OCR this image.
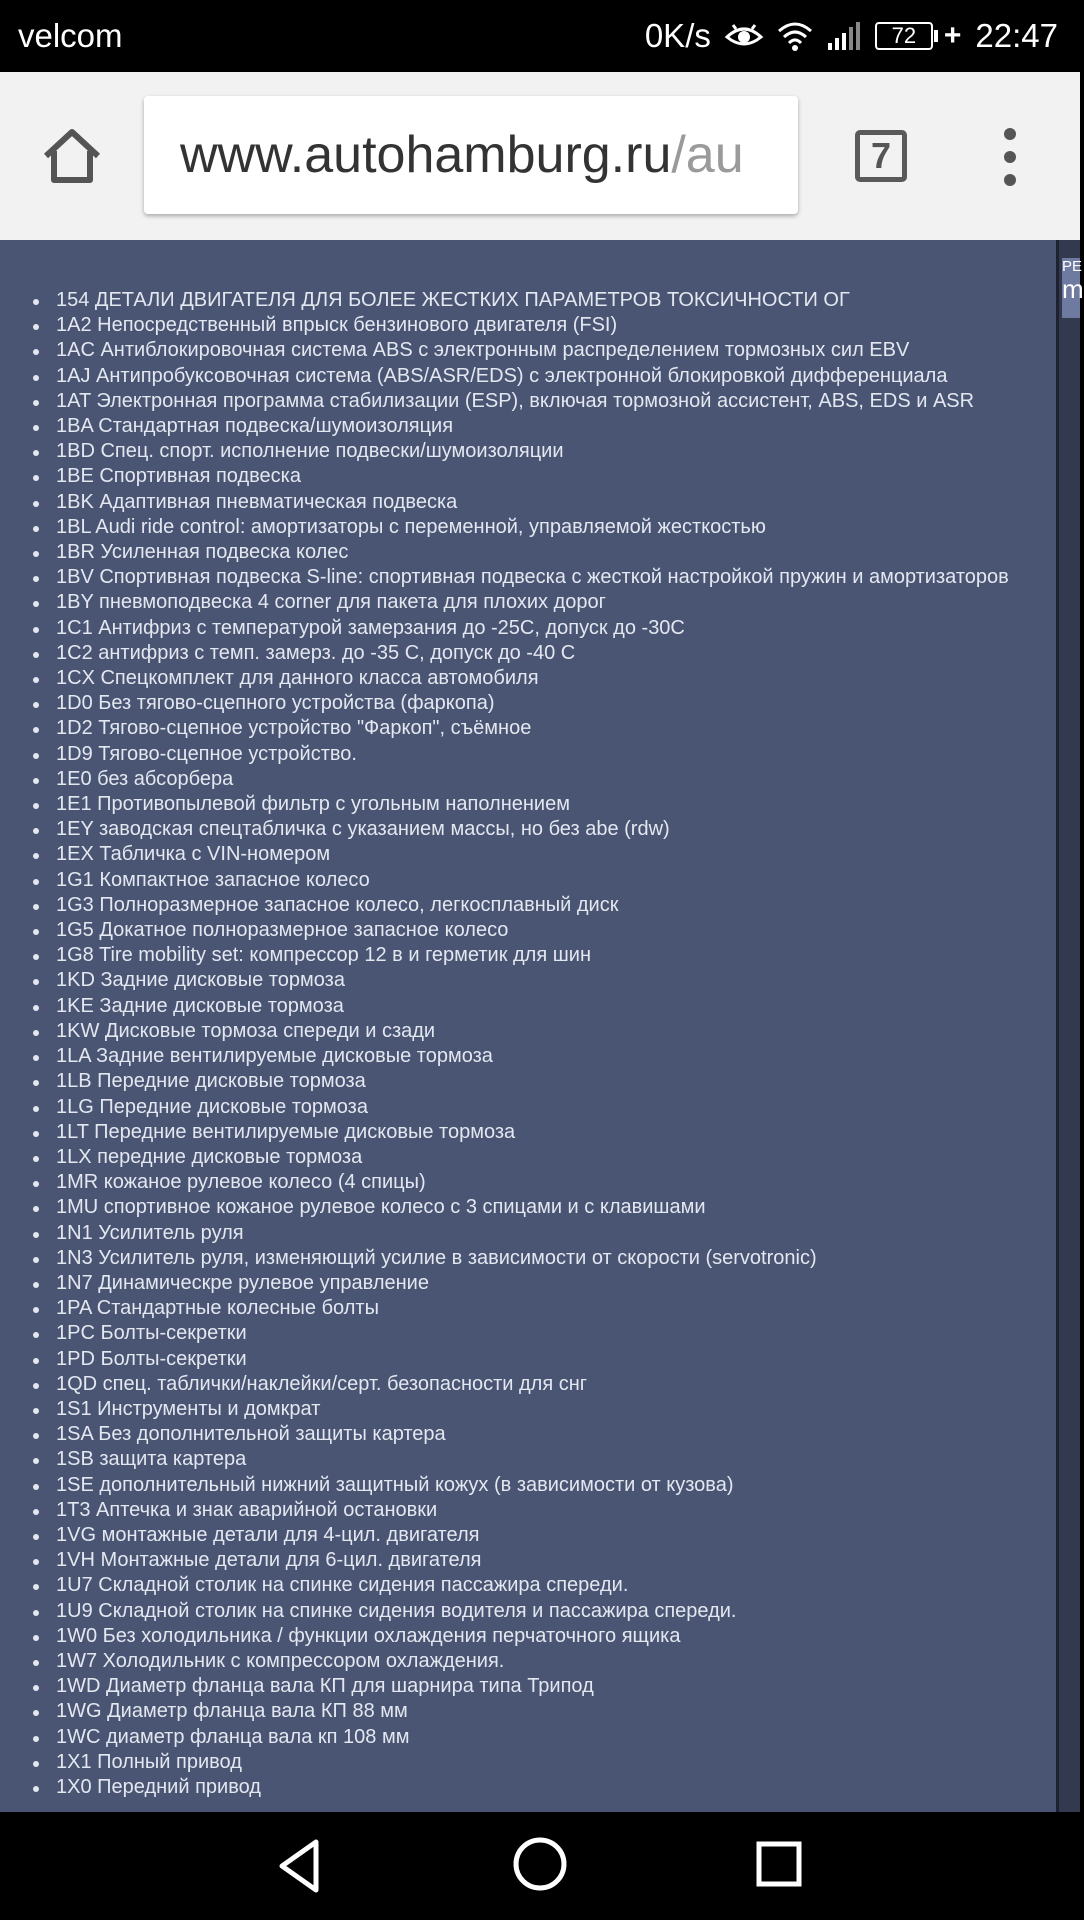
velcom	0K/s	72 + 22:47
www.autohamburg.ru /au	7
154 ДЕТАЛИ ДВИГАТЕЛЯ ДЛЯ БОЛЕЕ ЖЕСТКИХ ПАРАМЕТРОВ ТОКСИЧНОСТИ ОГ
1A2 Непосредственный впрыск бензинового двигателя (FSI)
1AC Антиблокировочная система ABS с электронным распределением тормозных сил EBV
1AJ Антипробуксовочная система (ABS/ASR/EDS) с электронной блокировкой дифференциала
1AT Электронная программа стабилизации (ESP), включая тормозной ассистент, ABS, EDS и ASR
1BA Стандартная подвеска/шумоизоляция
1BD Спец. спорт. исполнение подвески/шумоизоляции
1BE Спортивная подвеска
1BK Адаптивная пневматическая подвеска
1BL Audi ride control: амортизаторы с переменной, управляемой жесткостью
1BR Усиленная подвеска колес
1BV Спортивная подвеска S-line: спортивная подвеска с жесткой настройкой пружин и амортизаторов
1BY пневмоподвеска 4 corner для пакета для плохих дорог
1C1 Антифриз с температурой замерзания до -25C, допуск до -30C
1C2 антифриз с темп. замерз. до -35 C, допуск до -40 C
1CX Спецкомплект для данного класса автомобиля
1D0 Без тягово-сцепного устройства (фаркопа)
1D2 Тягово-сцепное устройство "Фаркоп", съёмное
1D9 Тягово-сцепное устройство.
1E0 без абсорбера
1E1 Противопылевой фильтр с угольным наполнением
1EY заводская спецтабличка с указанием массы, но без abe (rdw)
1EX Табличка с VIN-номером
1G1 Компактное запасное колесо
1G3 Полноразмерное запасное колесо, легкосплавный диск
1G5 Докатное полноразмерное запасное колесо
1G8 Tire mobility set: компрессор 12 в и герметик для шин
1KD Задние дисковые тормоза
1KE Задние дисковые тормоза
1KW Дисковые тормоза спереди и сзади
1LA Задние вентилируемые дисковые тормоза
1LB Передние дисковые тормоза
1LG Передние дисковые тормоза
1LT Передние вентилируемые дисковые тормоза
1LX передние дисковые тормоза
1MR кожаное рулевое колесо (4 спицы)
1MU спортивное кожаное рулевое колесо с 3 спицами и с клавишами
1N1 Усилитель руля
1N3 Усилитель руля, изменяющий усилие в зависимости от скорости (servotronic)
1N7 Динамическре рулевое управление
1PA Стандартные колесные болты
1PC Болты-секретки
1PD Болты-секретки
1QD спец. таблички/наклейки/серт. безопасности для снг
1S1 Инструменты и домкрат
1SA Без дополнительной защиты картера
1SB защита картера
1SE дополнительный нижний защитный кожух (в зависимости от кузова)
1T3 Аптечка и знак аварийной остановки
1VG монтажные детали для 4-цил. двигателя
1VH Монтажные детали для 6-цил. двигателя
1U7 Складной столик на спинке сидения пассажира спереди.
1U9 Складной столик на спинке сидения водителя и пассажира спереди.
1W0 Без холодильника / функции охлаждения перчаточного ящика
1W7 Холодильник с компрессором охлаждения.
1WD Диаметр фланца вала КП для шарнира типа Трипод
1WG Диаметр фланца вала КП 88 мм
1WC диаметр фланца вала кп 108 мм
1X1 Полный привод
1X0 Передний привод
PE
m
